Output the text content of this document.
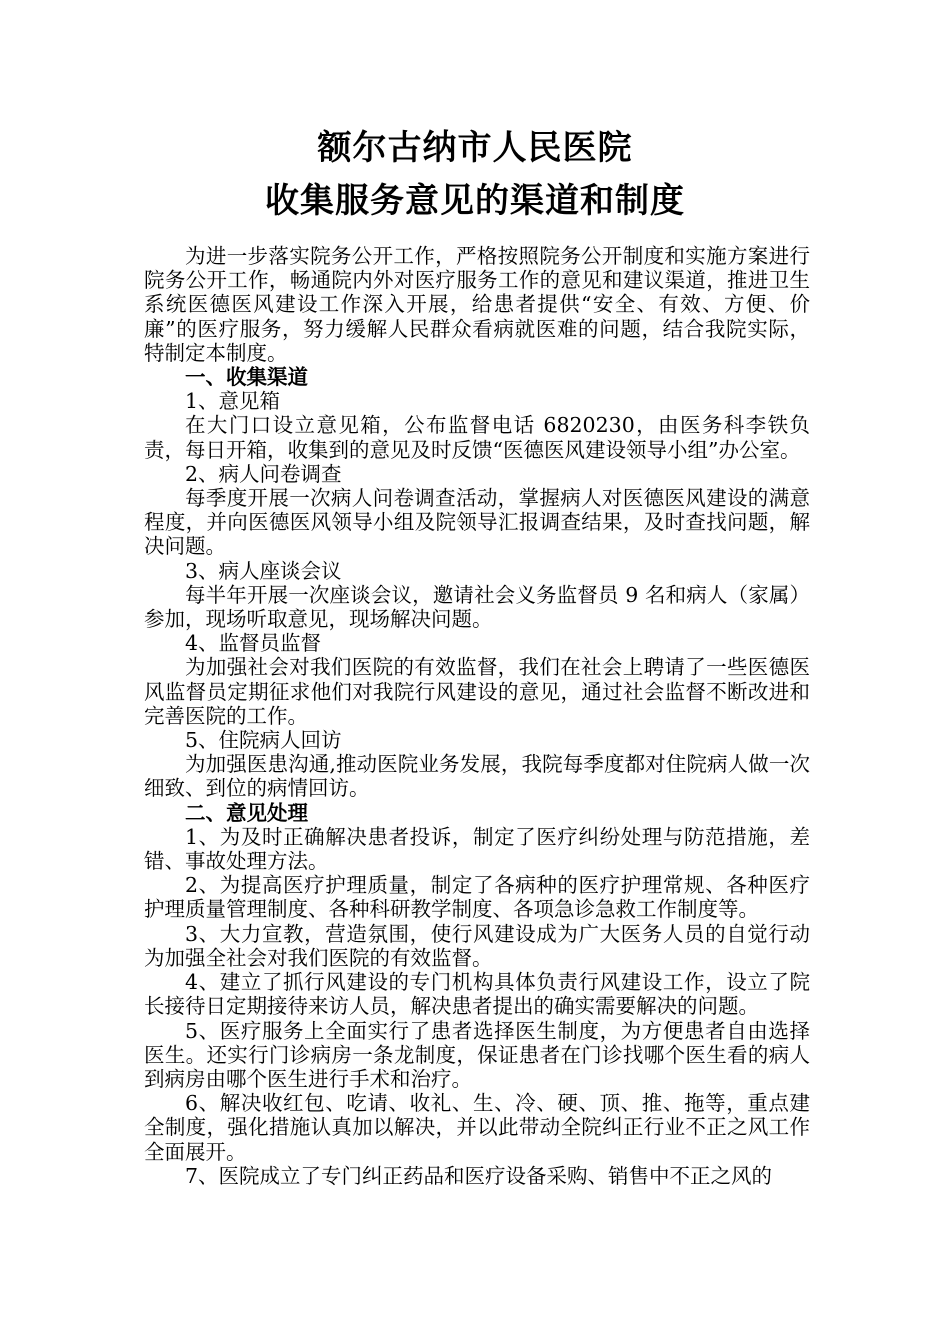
额尔古纳市人民医院
收集服务意见的渠道和制度

为进一步落实院务公开工作，严格按照院务公开制度和实施方案进行院务公开工作，畅通院内外对医疗服务工作的意见和建议渠道，推进卫生系统医德医风建设工作深入开展，给患者提供“安全、有效、方便、价廉”的医疗服务，努力缓解人民群众看病就医难的问题，结合我院实际，特制定本制度。

一、收集渠道

1、意见箱

在大门口设立意见箱，公布监督电话 6820230，由医务科李铁负责，每日开箱，收集到的意见及时反馈“医德医风建设领导小组”办公室。

2、病人问卷调查

每季度开展一次病人问卷调查活动，掌握病人对医德医风建设的满意程度，并向医德医风领导小组及院领导汇报调查结果，及时查找问题，解决问题。

3、病人座谈会议

每半年开展一次座谈会议，邀请社会义务监督员 9 名和病人（家属）参加，现场听取意见，现场解决问题。

4、监督员监督

为加强社会对我们医院的有效监督，我们在社会上聘请了一些医德医风监督员定期征求他们对我院行风建设的意见，通过社会监督不断改进和完善医院的工作。

5、住院病人回访

为加强医患沟通,推动医院业务发展，我院每季度都对住院病人做一次细致、到位的病情回访。

二、意见处理

1、为及时正确解决患者投诉，制定了医疗纠纷处理与防范措施，差错、事故处理方法。

2、为提高医疗护理质量，制定了各病种的医疗护理常规、各种医疗护理质量管理制度、各种科研教学制度、各项急诊急救工作制度等。

3、大力宣教，营造氛围，使行风建设成为广大医务人员的自觉行动为加强全社会对我们医院的有效监督。

4、建立了抓行风建设的专门机构具体负责行风建设工作，设立了院长接待日定期接待来访人员，解决患者提出的确实需要解决的问题。

5、医疗服务上全面实行了患者选择医生制度，为方便患者自由选择医生。还实行门诊病房一条龙制度，保证患者在门诊找哪个医生看的病人到病房由哪个医生进行手术和治疗。

6、解决收红包、吃请、收礼、生、冷、硬、顶、推、拖等，重点建全制度，强化措施认真加以解决，并以此带动全院纠正行业不正之风工作全面展开。

7、医院成立了专门纠正药品和医疗设备采购、销售中不正之风的
